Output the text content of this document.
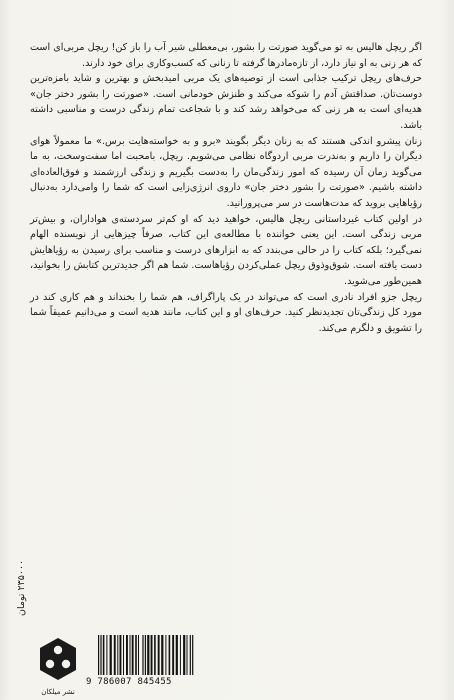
اگر ریچل هالیس به تو می‌گوید صورتت را بشور، بی‌معطلی شیر آب را باز کن! ریچل مربی‌ای است که هر زنی به او نیاز دارد، از تازه‌مادرها گرفته تا زنانی که کسب‌وکاری برای خود دارند.

حرف‌های ریچل ترکیب جذابی است از توصیه‌های یک مربی امیدبخش و بهترین و شاید بامزه‌ترین دوست‌تان. صداقتش آدم را شوکه می‌کند و طنزش خودمانی است. «صورتت را بشور دختر جان» هدیه‌ای است به هر زنی که می‌خواهد رشد کند و با شجاعت تمام زندگی درست و مناسبی داشته باشد.

زنان پیشرو اندکی هستند که به زنان دیگر بگویند «برو و به خواسته‌هایت برس.» ما معمولاً هوای دیگران را داریم و به‌ندرت مربی اردوگاه نظامی می‌شویم. ریچل، بامحبت اما سفت‌وسخت، به ما می‌گوید زمان آن رسیده که امور زندگی‌مان را به‌دست بگیریم و زندگی ارزشمند و فوق‌العاده‌ای داشته باشیم. «صورتت را بشور دختر جان» داروی انرژی‌زایی است که شما را وامی‌دارد به‌دنبال رؤیاهایی بروید که مدت‌هاست در سر می‌پرورانید.

در اولین کتاب غیرداستانی ریچل هالیس، خواهید دید که او کم‌تر سردسته‌ی هواداران، و بیش‌تر مربی زندگی است. این یعنی خواننده با مطالعه‌ی این کتاب، صرفاً چیزهایی از نویسنده الهام نمی‌گیرد؛ بلکه کتاب را در حالی می‌بندد که به ابزارهای درست و مناسب برای رسیدن به رؤیاهایش دست یافته است. شوق‌وذوق ریچل عملی‌کردن رؤیاهاست. شما هم اگر جدیدترین کتابش را بخوانید، همین‌طور می‌شوید.

ریچل جزو افراد نادری است که می‌تواند در یک پاراگراف، هم شما را بخنداند و هم کاری کند در مورد کل زندگی‌تان تجدیدنظر کنید. حرف‌های او و این کتاب، مانند هدیه است و می‌دانیم عمیقاً شما را تشویق و دلگرم می‌کند.

۲۳۵۰۰۰ تومان
9 786007 845455
نشر میلکان
